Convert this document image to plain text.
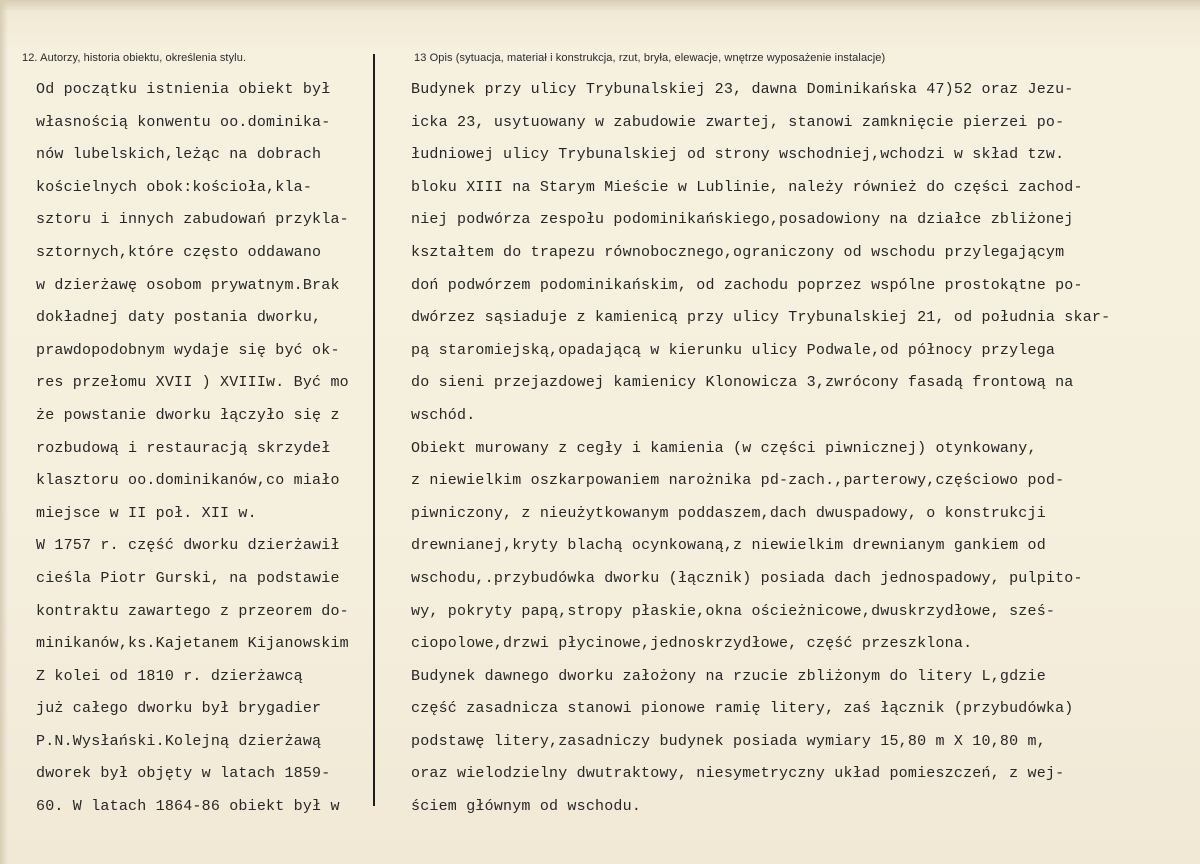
12. Autorzy, historia obiektu, określenia stylu.	13 Opis (sytuacja, materiał i konstrukcja, rzut, bryła, elewacje, wnętrze wyposażenie instalacje)
Od początku istnienia obiekt był
własnością konwentu oo.dominika-
nów lubelskich,leżąc na dobrach
kościelnych obok:kościoła,kla-
sztoru i innych zabudowań przykla-
sztornych,które często oddawano
w dzierżawę osobom prywatnym.Brak
dokładnej daty postania dworku,
prawdopodobnym wydaje się być ok-
res przełomu XVII ) XVIIIw. Być mo
że powstanie dworku łączyło się z
rozbudową i restauracją skrzydeł
klasztoru oo.dominikanów,co miało
miejsce w II poł. XII w.
W 1757 r. część dworku dzierżawił
cieśla Piotr Gurski, na podstawie
kontraktu zawartego z przeorem do-
minikanów,ks.Kajetanem Kijanowskim
Z kolei od 1810 r. dzierżawcą
już całego dworku był brygadier
P.N.Wysłański.Kolejną dzierżawą
dworek był objęty w latach 1859-
60. W latach 1864-86 obiekt był w
Budynek przy ulicy Trybunalskiej 23, dawna Dominikańska 47)52 oraz Jezu-
icka 23, usytuowany w zabudowie zwartej, stanowi zamknięcie pierzei po-
łudniowej ulicy Trybunalskiej od strony wschodniej,wchodzi w skład tzw.
bloku XIII na Starym Mieście w Lublinie, należy również do części zachod-
niej podwórza zespołu podominikańskiego,posadowiony na działce zbliżonej
kształtem do trapezu równobocznego,ograniczony od wschodu przylegającym
doń podwórzem podominikańskim, od zachodu poprzez wspólne prostokątne po-
dwórzez sąsiaduje z kamienicą przy ulicy Trybunalskiej 21, od południa skar-
pą staromiejską,opadającą w kierunku ulicy Podwale,od północy przylega
do sieni przejazdowej kamienicy Klonowicza 3,zwrócony fasadą frontową na
wschód.
Obiekt murowany z cegły i kamienia (w części piwnicznej) otynkowany,
z niewielkim oszkarpowaniem narożnika pd-zach.,parterowy,częściowo pod-
piwniczony, z nieużytkowanym poddaszem,dach dwuspadowy, o konstrukcji
drewnianej,kryty blachą ocynkowaną,z niewielkim drewnianym gankiem od
wschodu,.przybudówka dworku (łącznik) posiada dach jednospadowy, pulpito-
wy, pokryty papą,stropy płaskie,okna ościeżnicowe,dwuskrzydłowe, sześ-
ciopolowe,drzwi płycinowe,jednoskrzydłowe, część przeszklona.
Budynek dawnego dworku założony na rzucie zbliżonym do litery L,gdzie
część zasadnicza stanowi pionowe ramię litery, zaś łącznik (przybudówka)
podstawę litery,zasadniczy budynek posiada wymiary 15,80 m X 10,80 m,
oraz wielodzielny dwutraktowy, niesymetryczny układ pomieszczeń, z wej-
ściem głównym od wschodu.
